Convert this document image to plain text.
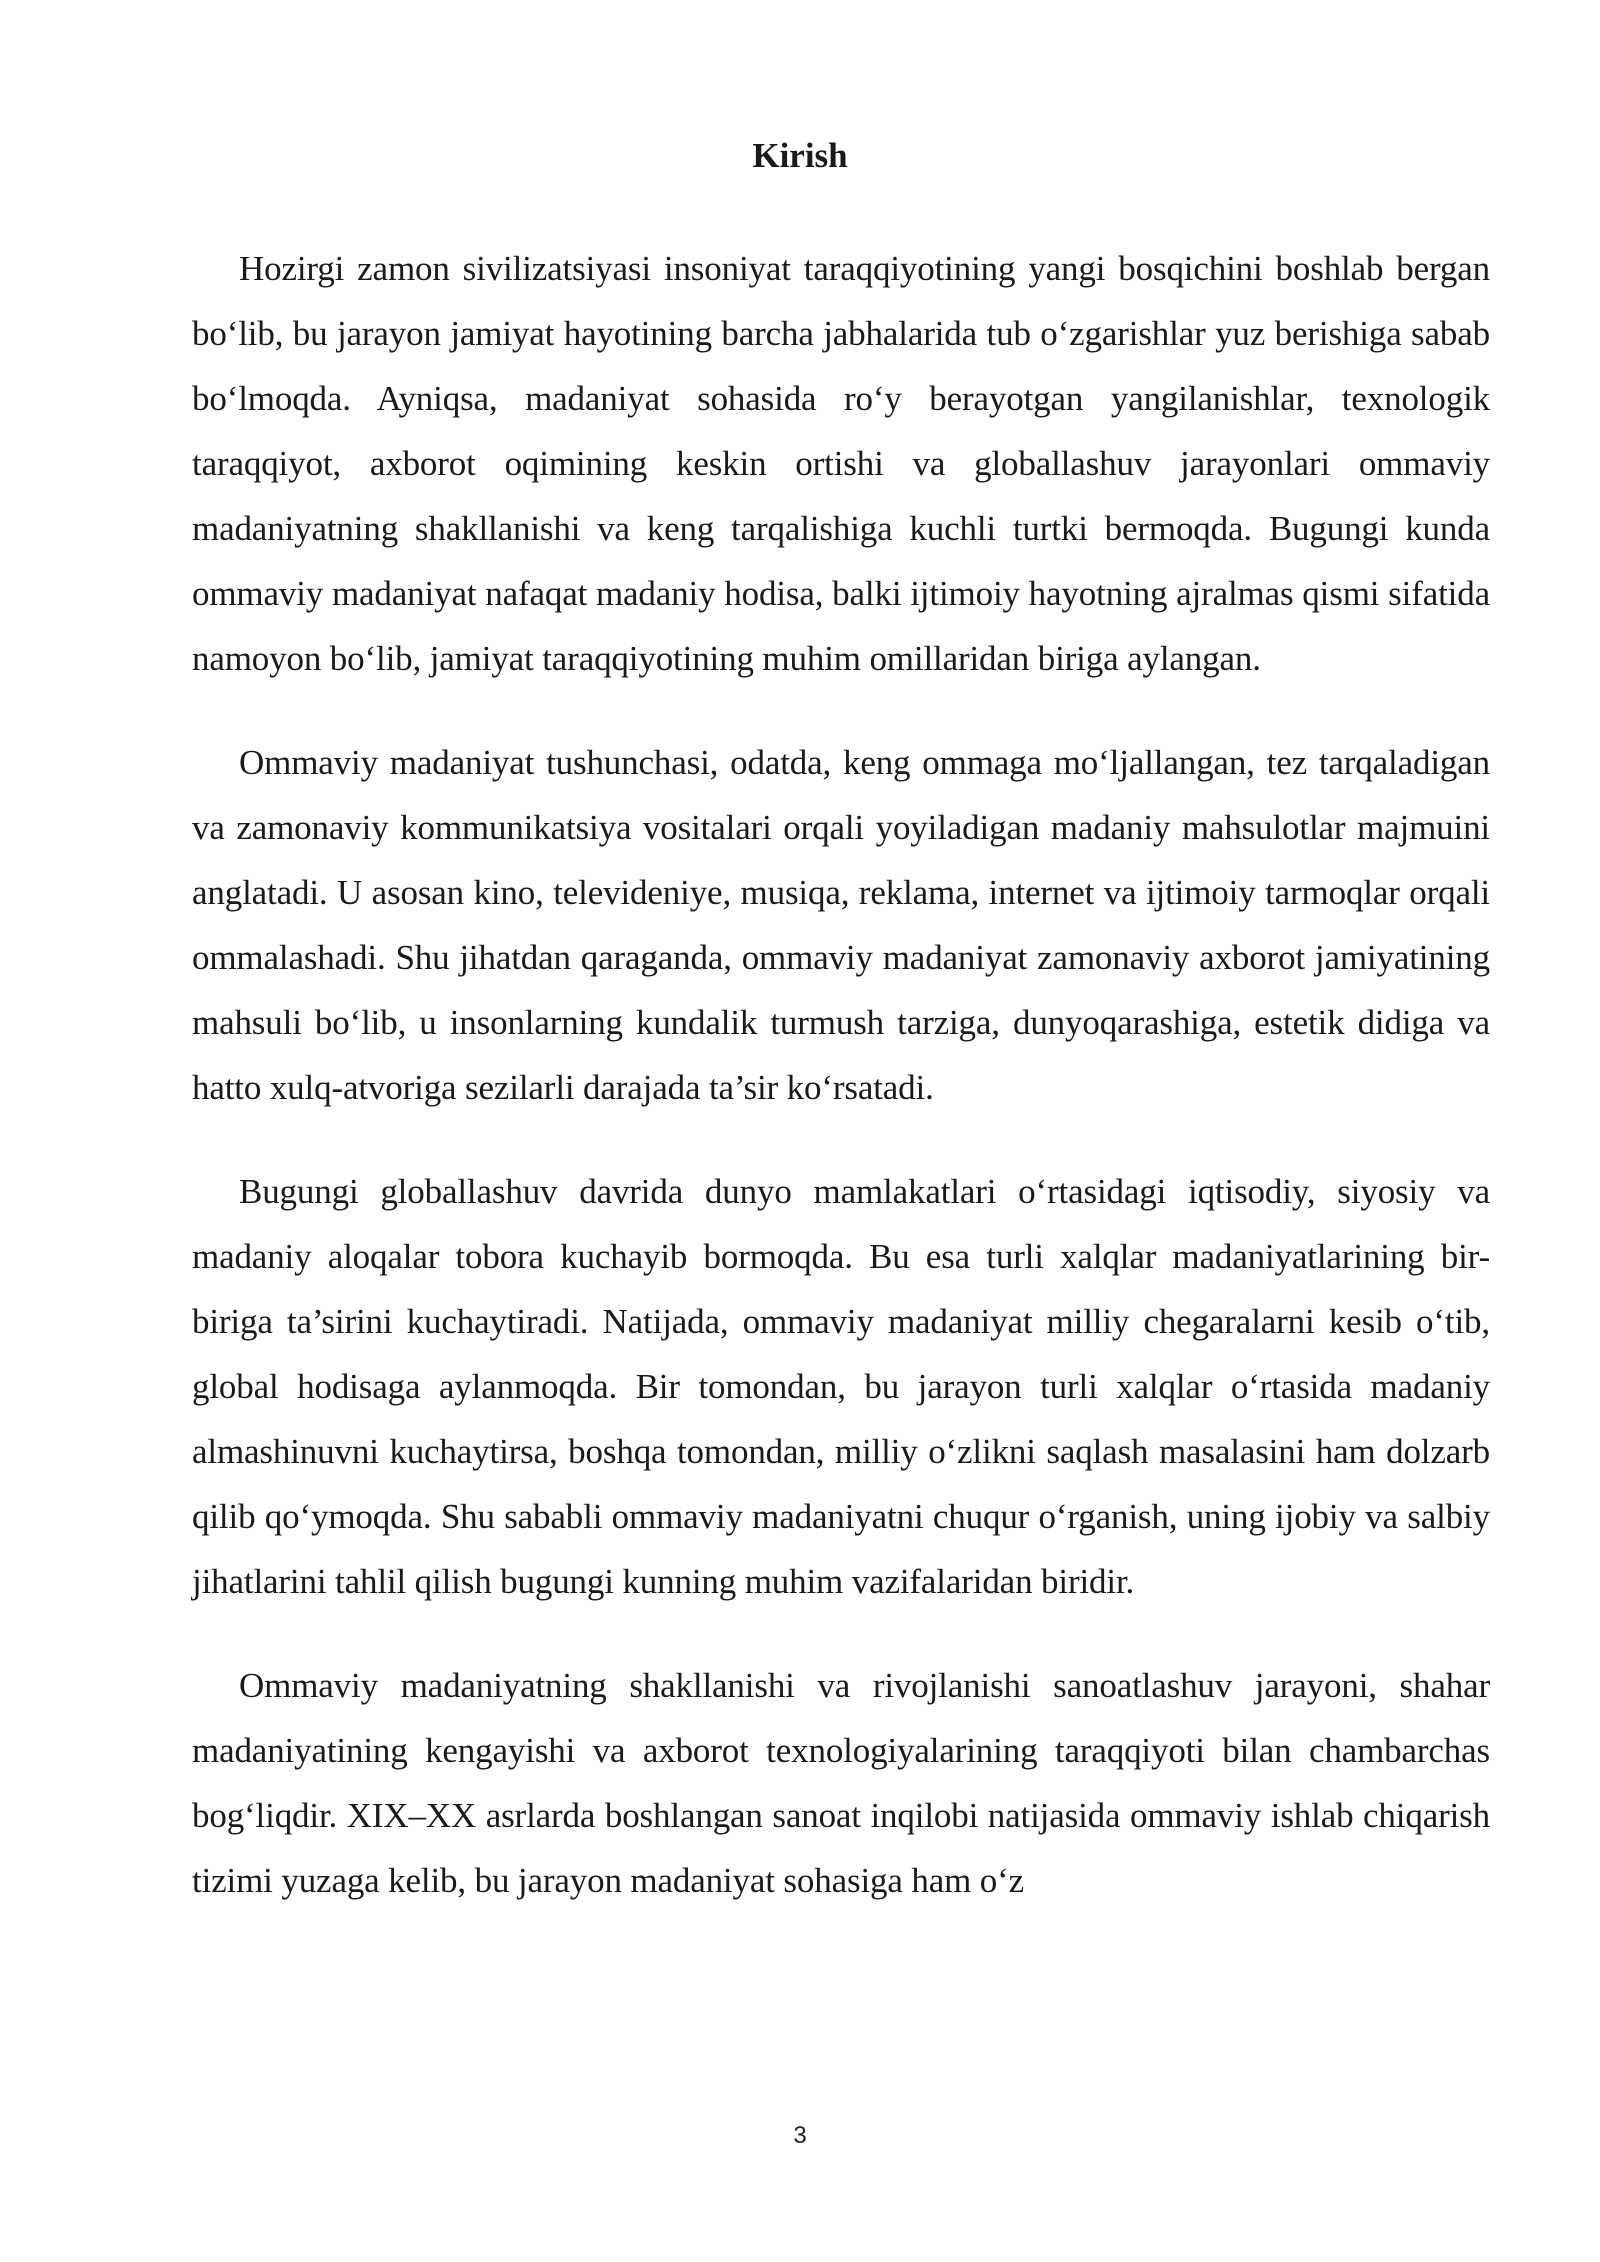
Kirish

Hozirgi zamon sivilizatsiyasi insoniyat taraqqiyotining yangi bosqichini boshlab bergan bo‘lib, bu jarayon jamiyat hayotining barcha jabhalarida tub o‘zgarishlar yuz berishiga sabab bo‘lmoqda. Ayniqsa, madaniyat sohasida ro‘y berayotgan yangilanishlar, texnologik taraqqiyot, axborot oqimining keskin ortishi va globallashuv jarayonlari ommaviy madaniyatning shakllanishi va keng tarqalishiga kuchli turtki bermoqda. Bugungi kunda ommaviy madaniyat nafaqat madaniy hodisa, balki ijtimoiy hayotning ajralmas qismi sifatida namoyon bo‘lib, jamiyat taraqqiyotining muhim omillaridan biriga aylangan.

Ommaviy madaniyat tushunchasi, odatda, keng ommaga mo‘ljallangan, tez tarqaladigan va zamonaviy kommunikatsiya vositalari orqali yoyiladigan madaniy mahsulotlar majmuini anglatadi. U asosan kino, televideniye, musiqa, reklama, internet va ijtimoiy tarmoqlar orqali ommalashadi. Shu jihatdan qaraganda, ommaviy madaniyat zamonaviy axborot jamiyatining mahsuli bo‘lib, u insonlarning kundalik turmush tarziga, dunyoqarashiga, estetik didiga va hatto xulq-atvoriga sezilarli darajada ta’sir ko‘rsatadi.

Bugungi globallashuv davrida dunyo mamlakatlari o‘rtasidagi iqtisodiy, siyosiy va madaniy aloqalar tobora kuchayib bormoqda. Bu esa turli xalqlar madaniyatlarining bir-biriga ta’sirini kuchaytiradi. Natijada, ommaviy madaniyat milliy chegaralarni kesib o‘tib, global hodisaga aylanmoqda. Bir tomondan, bu jarayon turli xalqlar o‘rtasida madaniy almashinuvni kuchaytirsa, boshqa tomondan, milliy o‘zlikni saqlash masalasini ham dolzarb qilib qo‘ymoqda. Shu sababli ommaviy madaniyatni chuqur o‘rganish, uning ijobiy va salbiy jihatlarini tahlil qilish bugungi kunning muhim vazifalaridan biridir.

Ommaviy madaniyatning shakllanishi va rivojlanishi sanoatlashuv jarayoni, shahar madaniyatining kengayishi va axborot texnologiyalarining taraqqiyoti bilan chambarchas bog‘liqdir. XIX–XX asrlarda boshlangan sanoat inqilobi natijasida ommaviy ishlab chiqarish tizimi yuzaga kelib, bu jarayon madaniyat sohasiga ham o‘z

3
